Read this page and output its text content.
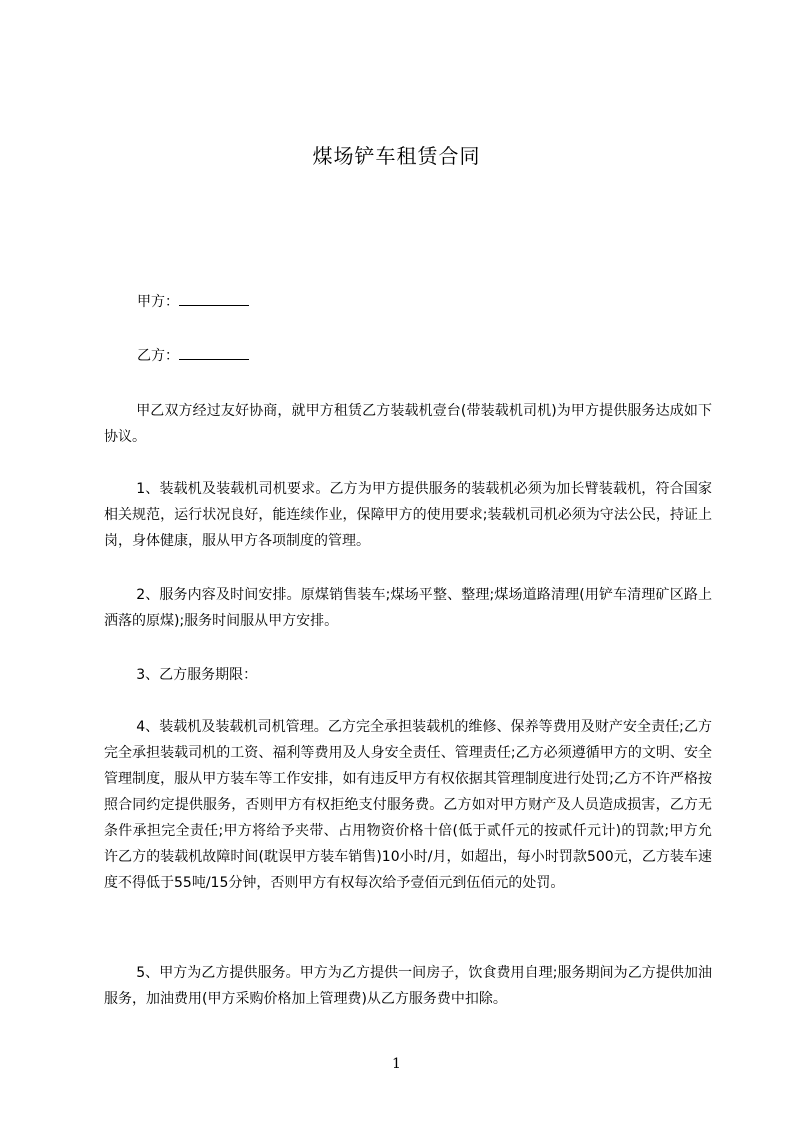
煤场铲车租赁合同
甲方：
乙方：
甲乙双方经过友好协商，就甲方租赁乙方装载机壹台(带装载机司机)为甲方提供服务达成如下协议。
1、装载机及装载机司机要求。乙方为甲方提供服务的装载机必须为加长臂装载机，符合国家相关规范，运行状况良好，能连续作业，保障甲方的使用要求;装载机司机必须为守法公民，持证上岗，身体健康，服从甲方各项制度的管理。
2、服务内容及时间安排。原煤销售装车;煤场平整、整理;煤场道路清理(用铲车清理矿区路上洒落的原煤);服务时间服从甲方安排。
3、乙方服务期限：
4、装载机及装载机司机管理。乙方完全承担装载机的维修、保养等费用及财产安全责任;乙方完全承担装载司机的工资、福利等费用及人身安全责任、管理责任;乙方必须遵循甲方的文明、安全管理制度，服从甲方装车等工作安排，如有违反甲方有权依据其管理制度进行处罚;乙方不许严格按照合同约定提供服务，否则甲方有权拒绝支付服务费。乙方如对甲方财产及人员造成损害，乙方无条件承担完全责任;甲方将给予夹带、占用物资价格十倍(低于贰仟元的按贰仟元计)的罚款;甲方允许乙方的装载机故障时间(耽误甲方装车销售)10小时/月，如超出，每小时罚款500元，乙方装车速度不得低于55吨/15分钟，否则甲方有权每次给予壹佰元到伍佰元的处罚。
5、甲方为乙方提供服务。甲方为乙方提供一间房子，饮食费用自理;服务期间为乙方提供加油服务，加油费用(甲方采购价格加上管理费)从乙方服务费中扣除。
1
